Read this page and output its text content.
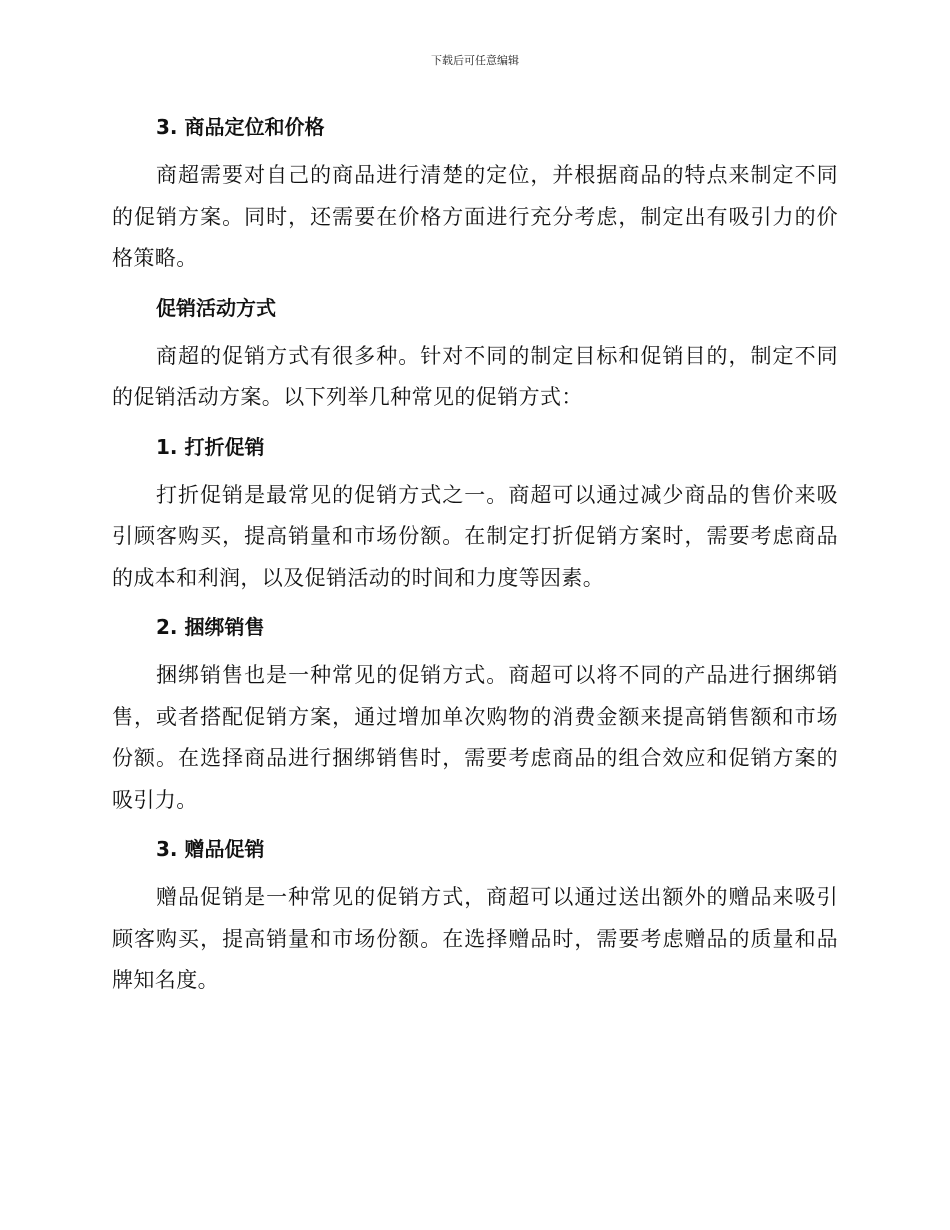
下载后可任意编辑
3. 商品定位和价格

商超需要对自己的商品进行清楚的定位，并根据商品的特点来制定不同的促销方案。同时，还需要在价格方面进行充分考虑，制定出有吸引力的价格策略。

促销活动方式

商超的促销方式有很多种。针对不同的制定目标和促销目的，制定不同的促销活动方案。以下列举几种常见的促销方式：

1. 打折促销

打折促销是最常见的促销方式之一。商超可以通过减少商品的售价来吸引顾客购买，提高销量和市场份额。在制定打折促销方案时，需要考虑商品的成本和利润，以及促销活动的时间和力度等因素。

2. 捆绑销售

捆绑销售也是一种常见的促销方式。商超可以将不同的产品进行捆绑销售，或者搭配促销方案，通过增加单次购物的消费金额来提高销售额和市场份额。在选择商品进行捆绑销售时，需要考虑商品的组合效应和促销方案的吸引力。

3. 赠品促销

赠品促销是一种常见的促销方式，商超可以通过送出额外的赠品来吸引顾客购买，提高销量和市场份额。在选择赠品时，需要考虑赠品的质量和品牌知名度。
